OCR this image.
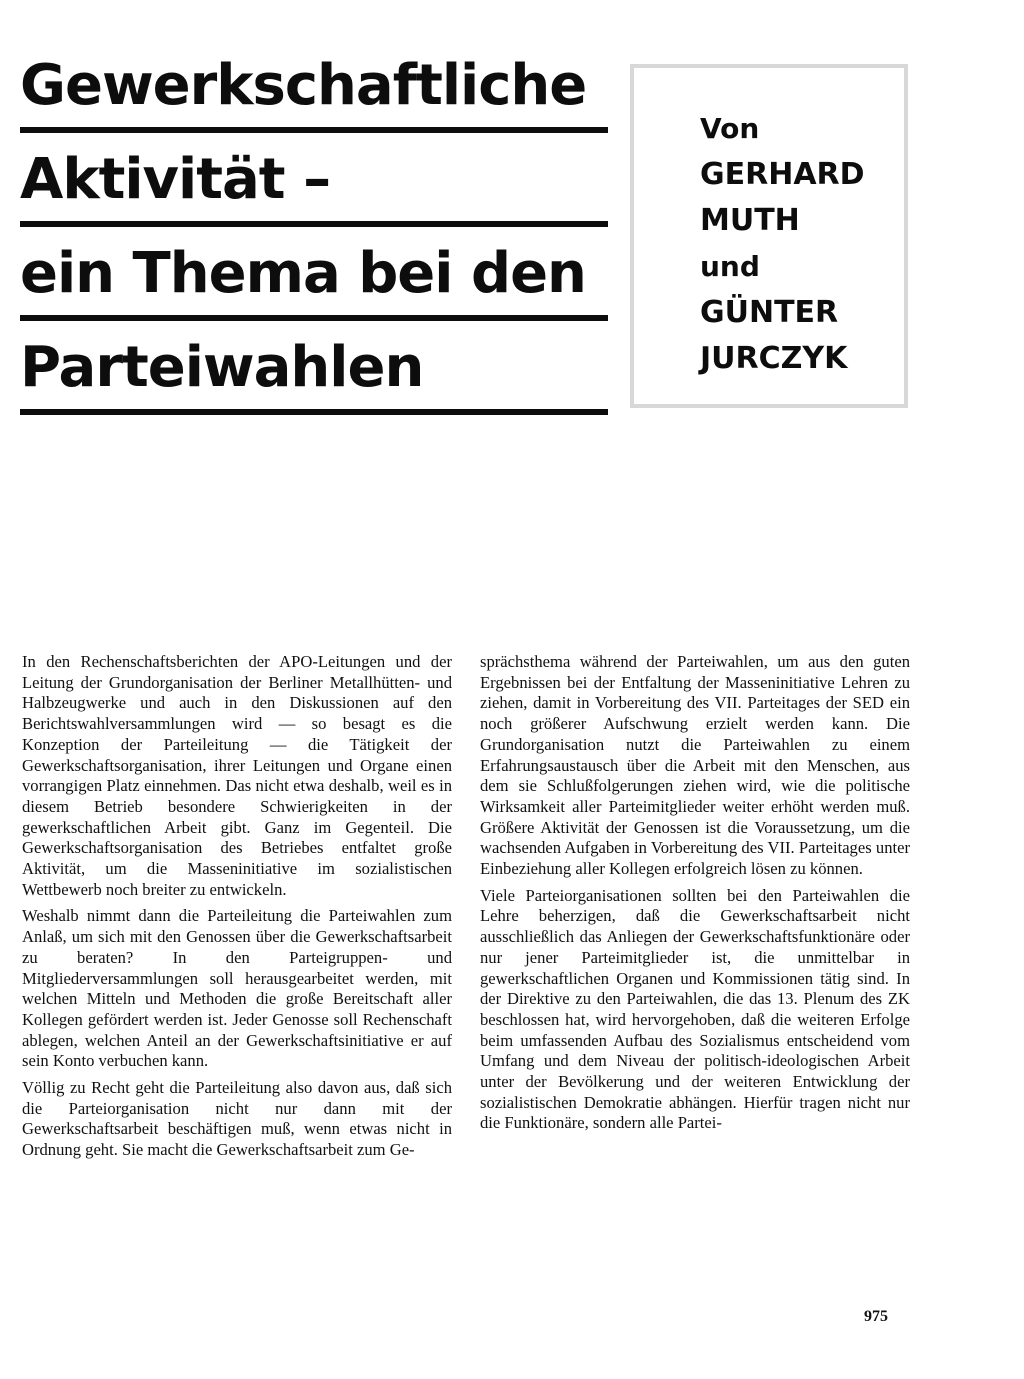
Gewerkschaftliche
Aktivität –
ein Thema bei den
Parteiwahlen
Von
GERHARD
MUTH
und
GÜNTER
JURCZYK

In den Rechenschaftsberichten der APO-Leitungen und der Leitung der Grundorganisation der Berliner Metallhütten- und Halbzeugwerke und auch in den Diskussionen auf den Berichtswahlversammlungen wird — so besagt es die Konzeption der Parteileitung — die Tätigkeit der Gewerkschaftsorganisation, ihrer Leitungen und Organe einen vorrangigen Platz einnehmen. Das nicht etwa deshalb, weil es in diesem Betrieb besondere Schwierigkeiten in der gewerkschaftlichen Arbeit gibt. Ganz im Gegenteil. Die Gewerkschaftsorganisation des Betriebes entfaltet große Aktivität, um die Masseninitiative im sozialistischen Wettbewerb noch breiter zu entwickeln.

Weshalb nimmt dann die Parteileitung die Parteiwahlen zum Anlaß, um sich mit den Genossen über die Gewerkschaftsarbeit zu beraten? In den Parteigruppen- und Mitgliederversammlungen soll herausgearbeitet werden, mit welchen Mitteln und Methoden die große Bereitschaft aller Kollegen gefördert werden ist. Jeder Genosse soll Rechenschaft ablegen, welchen Anteil an der Gewerkschaftsinitiative er auf sein Konto verbuchen kann.

Völlig zu Recht geht die Parteileitung also davon aus, daß sich die Parteiorganisation nicht nur dann mit der Gewerkschaftsarbeit beschäftigen muß, wenn etwas nicht in Ordnung geht. Sie macht die Gewerkschaftsarbeit zum Ge-

sprächsthema während der Parteiwahlen, um aus den guten Ergebnissen bei der Entfaltung der Masseninitiative Lehren zu ziehen, damit in Vorbereitung des VII. Parteitages der SED ein noch größerer Aufschwung erzielt werden kann. Die Grundorganisation nutzt die Parteiwahlen zu einem Erfahrungsaustausch über die Arbeit mit den Menschen, aus dem sie Schlußfolgerungen ziehen wird, wie die politische Wirksamkeit aller Parteimitglieder weiter erhöht werden muß. Größere Aktivität der Genossen ist die Voraussetzung, um die wachsenden Aufgaben in Vorbereitung des VII. Parteitages unter Einbeziehung aller Kollegen erfolgreich lösen zu können.

Viele Parteiorganisationen sollten bei den Parteiwahlen die Lehre beherzigen, daß die Gewerkschaftsarbeit nicht ausschließlich das Anliegen der Gewerkschaftsfunktionäre oder nur jener Parteimitglieder ist, die unmittelbar in gewerkschaftlichen Organen und Kommissionen tätig sind. In der Direktive zu den Parteiwahlen, die das 13. Plenum des ZK beschlossen hat, wird hervorgehoben, daß die weiteren Erfolge beim umfassenden Aufbau des Sozialismus entscheidend vom Umfang und dem Niveau der politisch-ideologischen Arbeit unter der Bevölkerung und der weiteren Entwicklung der sozialistischen Demokratie abhängen. Hierfür tragen nicht nur die Funktionäre, sondern alle Partei-

975
